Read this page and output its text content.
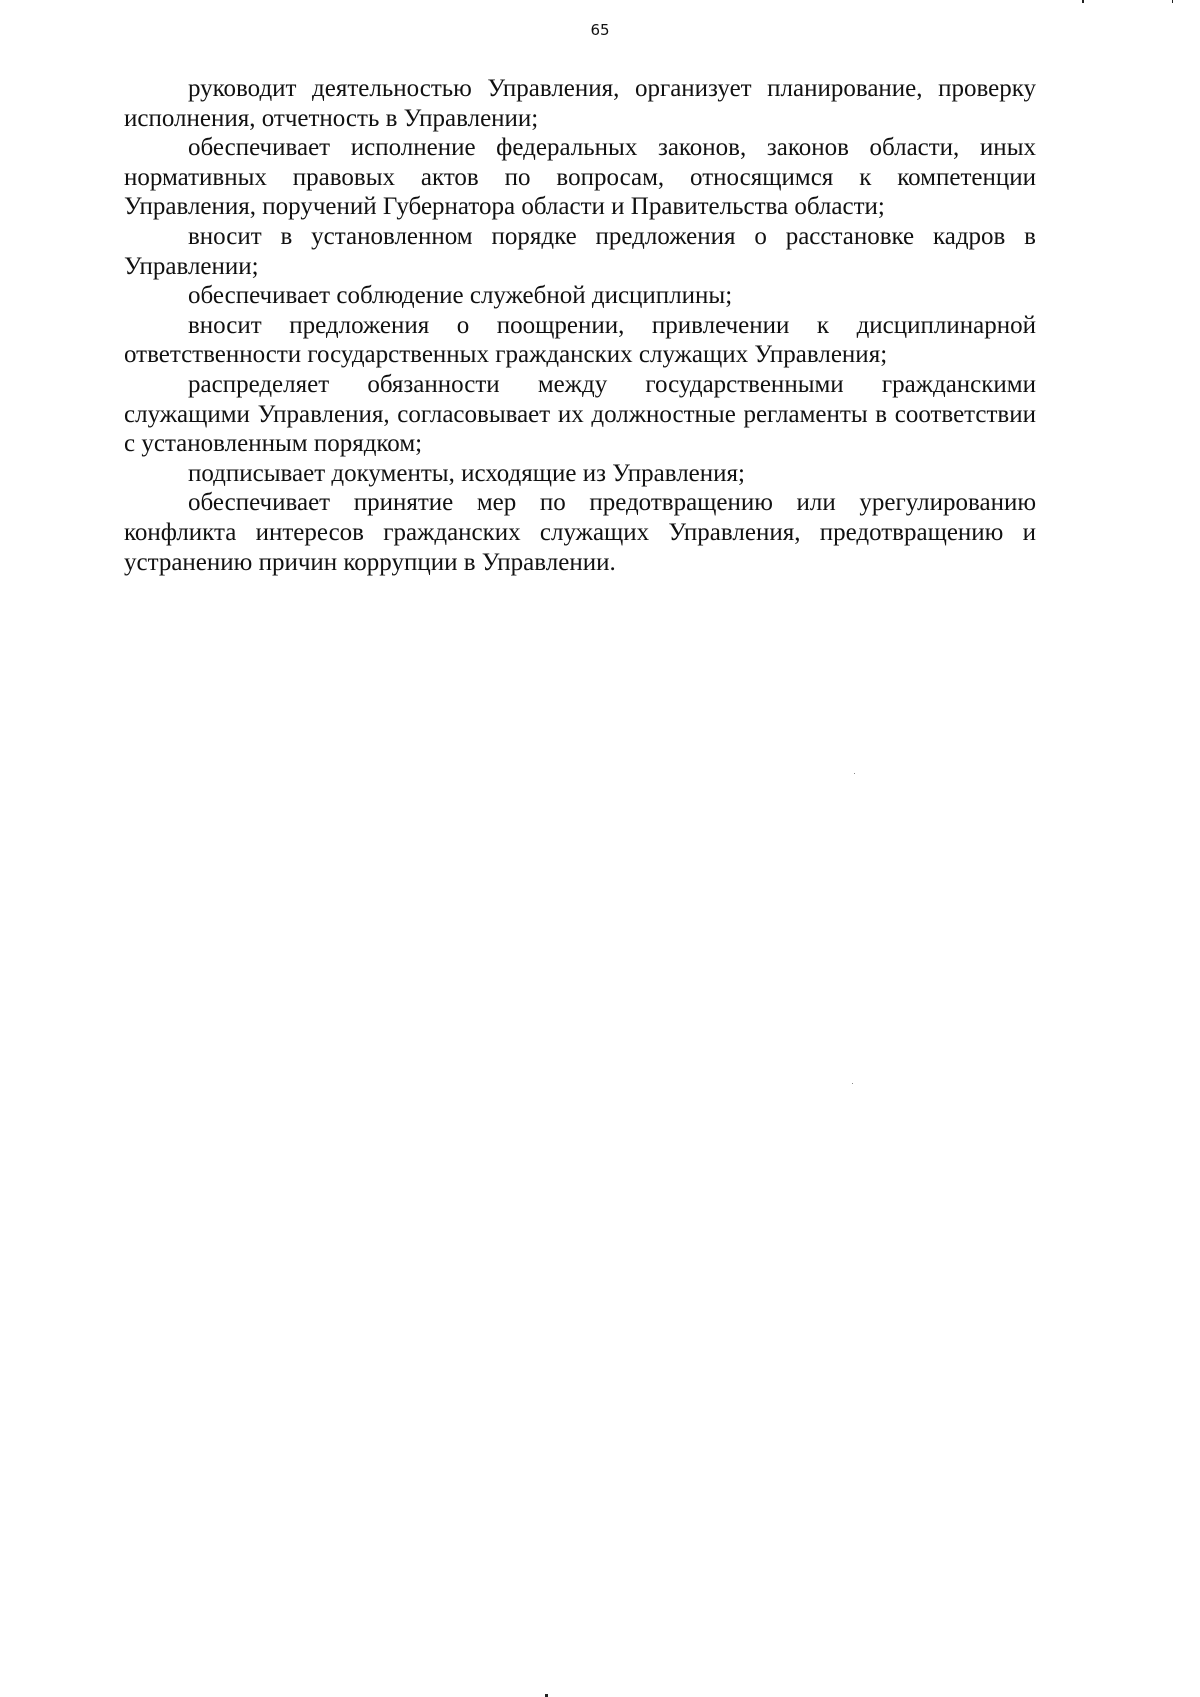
65

руководит деятельностью Управления, организует планирование, проверку исполнения, отчетность в Управлении;

обеспечивает исполнение федеральных законов, законов области, иных нормативных правовых актов по вопросам, относящимся к компетенции Управления, поручений Губернатора области и Правительства области;

вносит в установленном порядке предложения о расстановке кадров в Управлении;

обеспечивает соблюдение служебной дисциплины;

вносит предложения о поощрении, привлечении к дисциплинарной ответственности государственных гражданских служащих Управления;

распределяет обязанности между государственными гражданскими служащими Управления, согласовывает их должностные регламенты в соответствии с установленным порядком;

подписывает документы, исходящие из Управления;

обеспечивает принятие мер по предотвращению или урегулированию конфликта интересов гражданских служащих Управления, предотвращению и устранению причин коррупции в Управлении.
